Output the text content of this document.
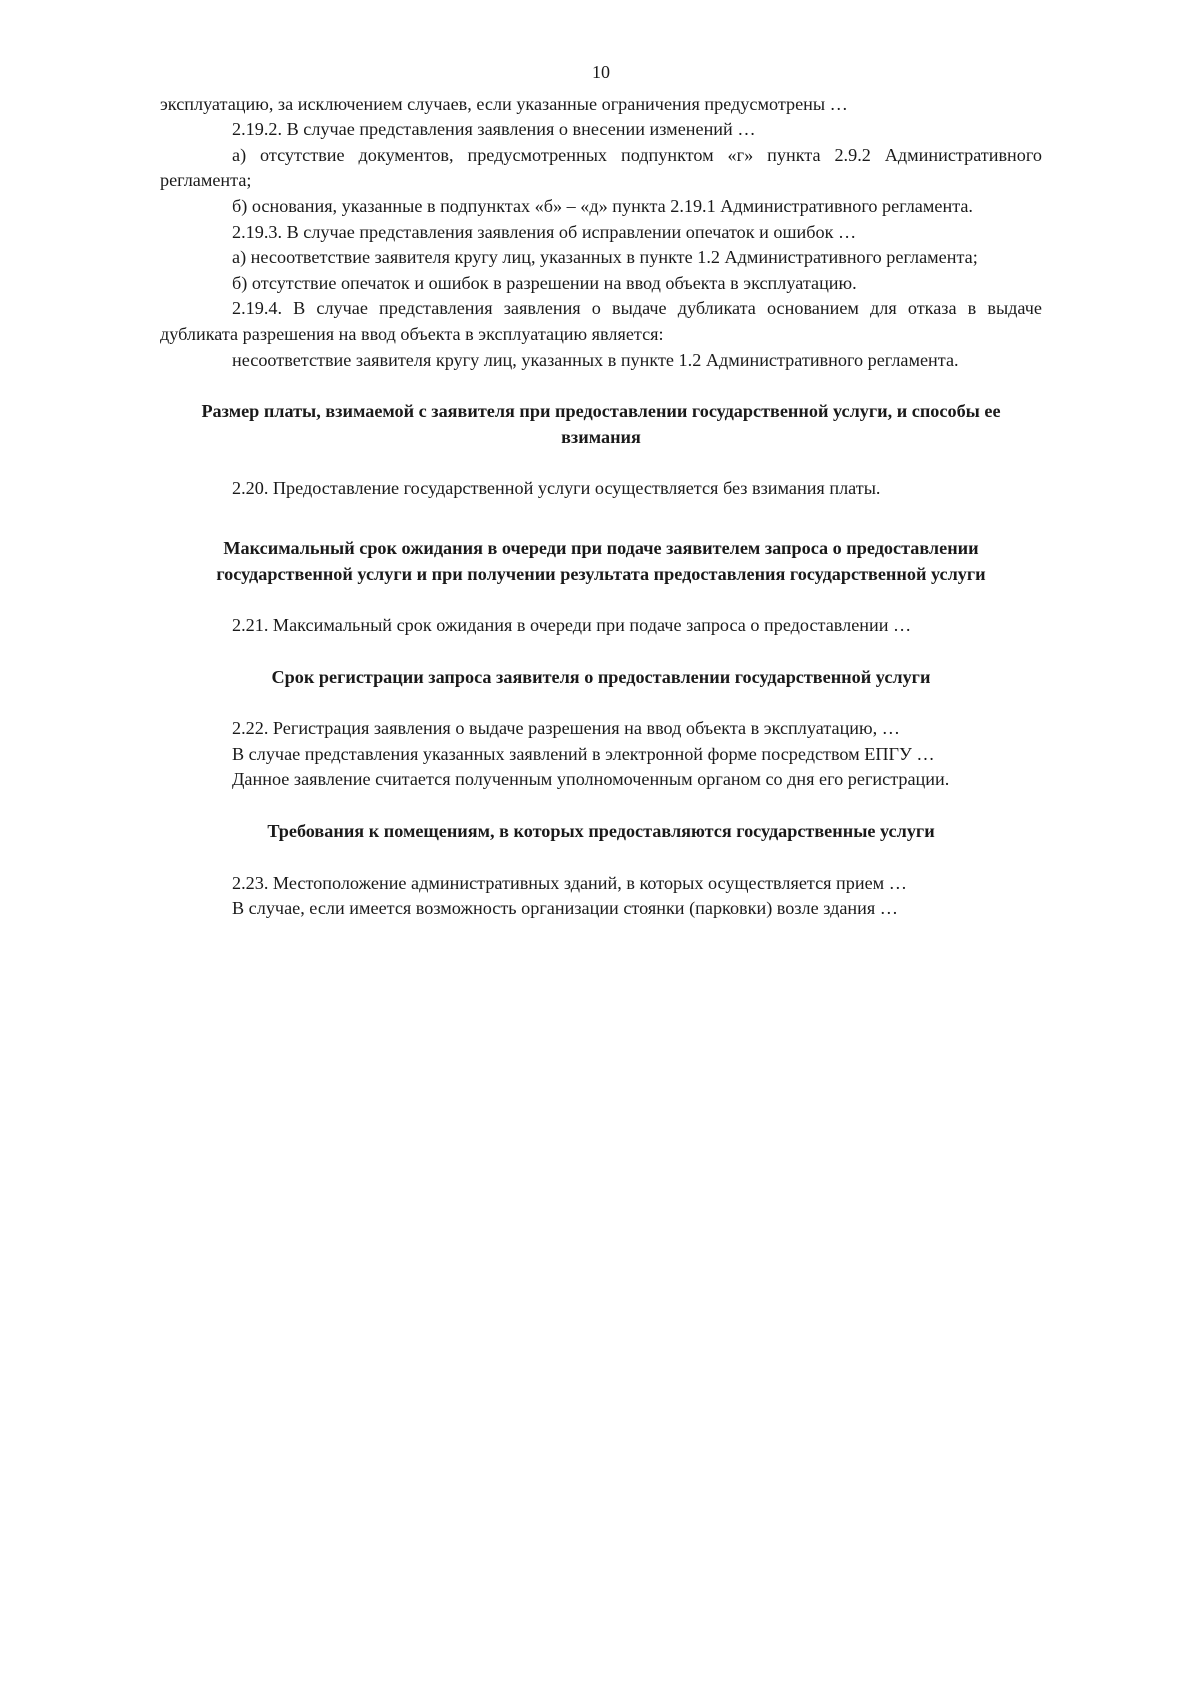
10

эксплуатацию, за исключением случаев, если указанные ограничения предусмотрены …

2.19.2. В случае представления заявления о внесении изменений …

а) отсутствие документов, предусмотренных подпунктом «г» пункта 2.9.2 Административного регламента;

б) основания, указанные в подпунктах «б» – «д» пункта 2.19.1 Административного регламента.

2.19.3. В случае представления заявления об исправлении опечаток и ошибок …

а) несоответствие заявителя кругу лиц, указанных в пункте 1.2 Административного регламента;

б) отсутствие опечаток и ошибок в разрешении на ввод объекта в эксплуатацию.

2.19.4. В случае представления заявления о выдаче дубликата основанием для отказа в выдаче дубликата разрешения на ввод объекта в эксплуатацию является:

несоответствие заявителя кругу лиц, указанных в пункте 1.2 Административного регламента.

Размер платы, взимаемой с заявителя при предоставлении государственной услуги, и способы ее взимания

2.20. Предоставление государственной услуги осуществляется без взимания платы.

Максимальный срок ожидания в очереди при подаче заявителем запроса о предоставлении государственной услуги и при получении результата предоставления государственной услуги

2.21. Максимальный срок ожидания в очереди при подаче запроса о предоставлении …

Срок регистрации запроса заявителя о предоставлении государственной услуги

2.22. Регистрация заявления о выдаче разрешения на ввод объекта в эксплуатацию, …

В случае представления указанных заявлений в электронной форме посредством ЕПГУ …

Данное заявление считается полученным уполномоченным органом со дня его регистрации.

Требования к помещениям, в которых предоставляются государственные услуги

2.23. Местоположение административных зданий, в которых осуществляется прием …

В случае, если имеется возможность организации стоянки (парковки) возле здания …
